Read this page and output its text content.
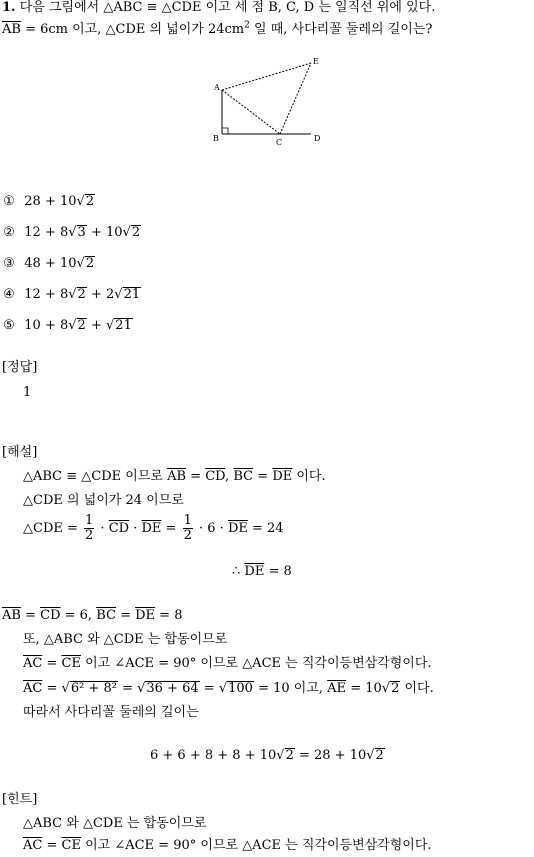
1. 다음 그림에서 △ABC ≡ △CDE 이고 세 점 B, C, D 는 일직선 위에 있다.
$\overline{AB} = 6cm$ 이고, △CDE 의 넓이가 $24cm^2$ 일 때, 사다리꼴 둘레의 길이는?
A
B	C	D
E
① 28 + 10√2
② 12 + 8√3 + 10√2
③ 48 + 10√2
④ 12 + 8√2 + 2√21
⑤ 10 + 8√2 + √21
[정답]
1
[해설]
△ABC ≡ △CDE 이므로 $\overline{AB} = \overline{CD}$, $\overline{BC} = \overline{DE}$ 이다.
△CDE 의 넓이가 24 이므로
△CDE = $\frac{1}{2} \cdot \overline{CD} \cdot \overline{DE} = \frac{1}{2} \cdot 6 \cdot \overline{DE} = 24$
∴ $\overline{DE} = 8$
$\overline{AB} = \overline{CD} = 6$, $\overline{BC} = \overline{DE} = 8$
또, △ABC 와 △CDE 는 합동이므로
$\overline{AC} = \overline{CE}$ 이고 ∠ACE = 90° 이므로 △ACE 는 직각이등변삼각형이다.
$\overline{AC} = √6^2 + 8^2 = √36 + 64 = √100 = 10$ 이고, $\overline{AE} = 10√2$ 이다.
따라서 사다리꼴 둘레의 길이는
6 + 6 + 8 + 8 + 10√2 = 28 + 10√2
[힌트]
△ABC 와 △CDE 는 합동이므로
$\overline{AC} = \overline{CE}$ 이고 ∠ACE = 90° 이므로 △ACE 는 직각이등변삼각형이다.
